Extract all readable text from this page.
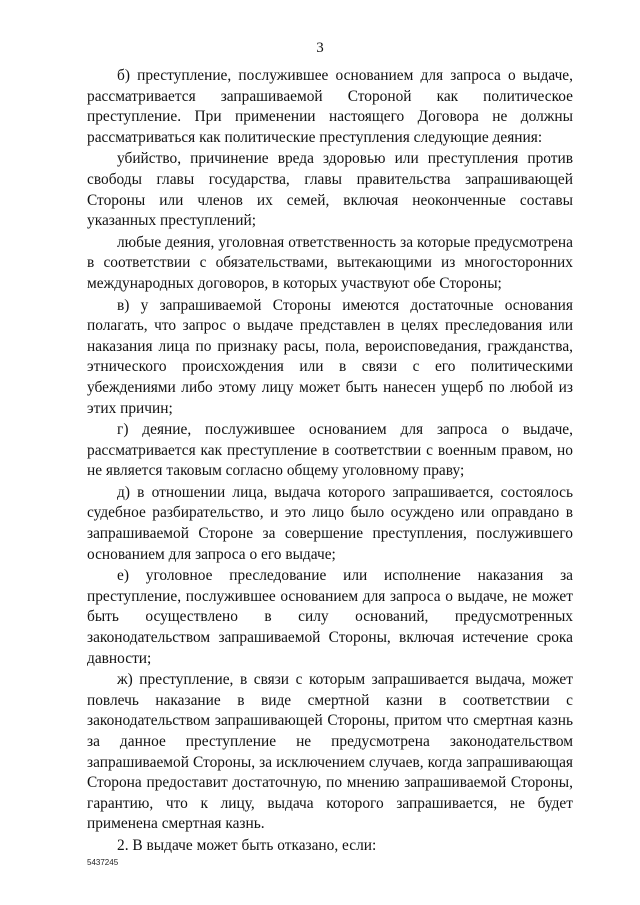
3

б) преступление, послужившее основанием для запроса о выдаче, рассматривается запрашиваемой Стороной как политическое преступление. При применении настоящего Договора не должны рассматриваться как политические преступления следующие деяния:

убийство, причинение вреда здоровью или преступления против свободы главы государства, главы правительства запрашивающей Стороны или членов их семей, включая неоконченные составы указанных преступлений;

любые деяния, уголовная ответственность за которые предусмотрена в соответствии с обязательствами, вытекающими из многосторонних международных договоров, в которых участвуют обе Стороны;

в) у запрашиваемой Стороны имеются достаточные основания полагать, что запрос о выдаче представлен в целях преследования или наказания лица по признаку расы, пола, вероисповедания, гражданства, этнического происхождения или в связи с его политическими убеждениями либо этому лицу может быть нанесен ущерб по любой из этих причин;

г) деяние, послужившее основанием для запроса о выдаче, рассматривается как преступление в соответствии с военным правом, но не является таковым согласно общему уголовному праву;

д) в отношении лица, выдача которого запрашивается, состоялось судебное разбирательство, и это лицо было осуждено или оправдано в запрашиваемой Стороне за совершение преступления, послужившего основанием для запроса о его выдаче;

е) уголовное преследование или исполнение наказания за преступление, послужившее основанием для запроса о выдаче, не может быть осуществлено в силу оснований, предусмотренных законодательством запрашиваемой Стороны, включая истечение срока давности;

ж) преступление, в связи с которым запрашивается выдача, может повлечь наказание в виде смертной казни в соответствии с законодательством запрашивающей Стороны, притом что смертная казнь за данное преступление не предусмотрена законодательством запрашиваемой Стороны, за исключением случаев, когда запрашивающая Сторона предоставит достаточную, по мнению запрашиваемой Стороны, гарантию, что к лицу, выдача которого запрашивается, не будет применена смертная казнь.

2. В выдаче может быть отказано, если:

5437245
